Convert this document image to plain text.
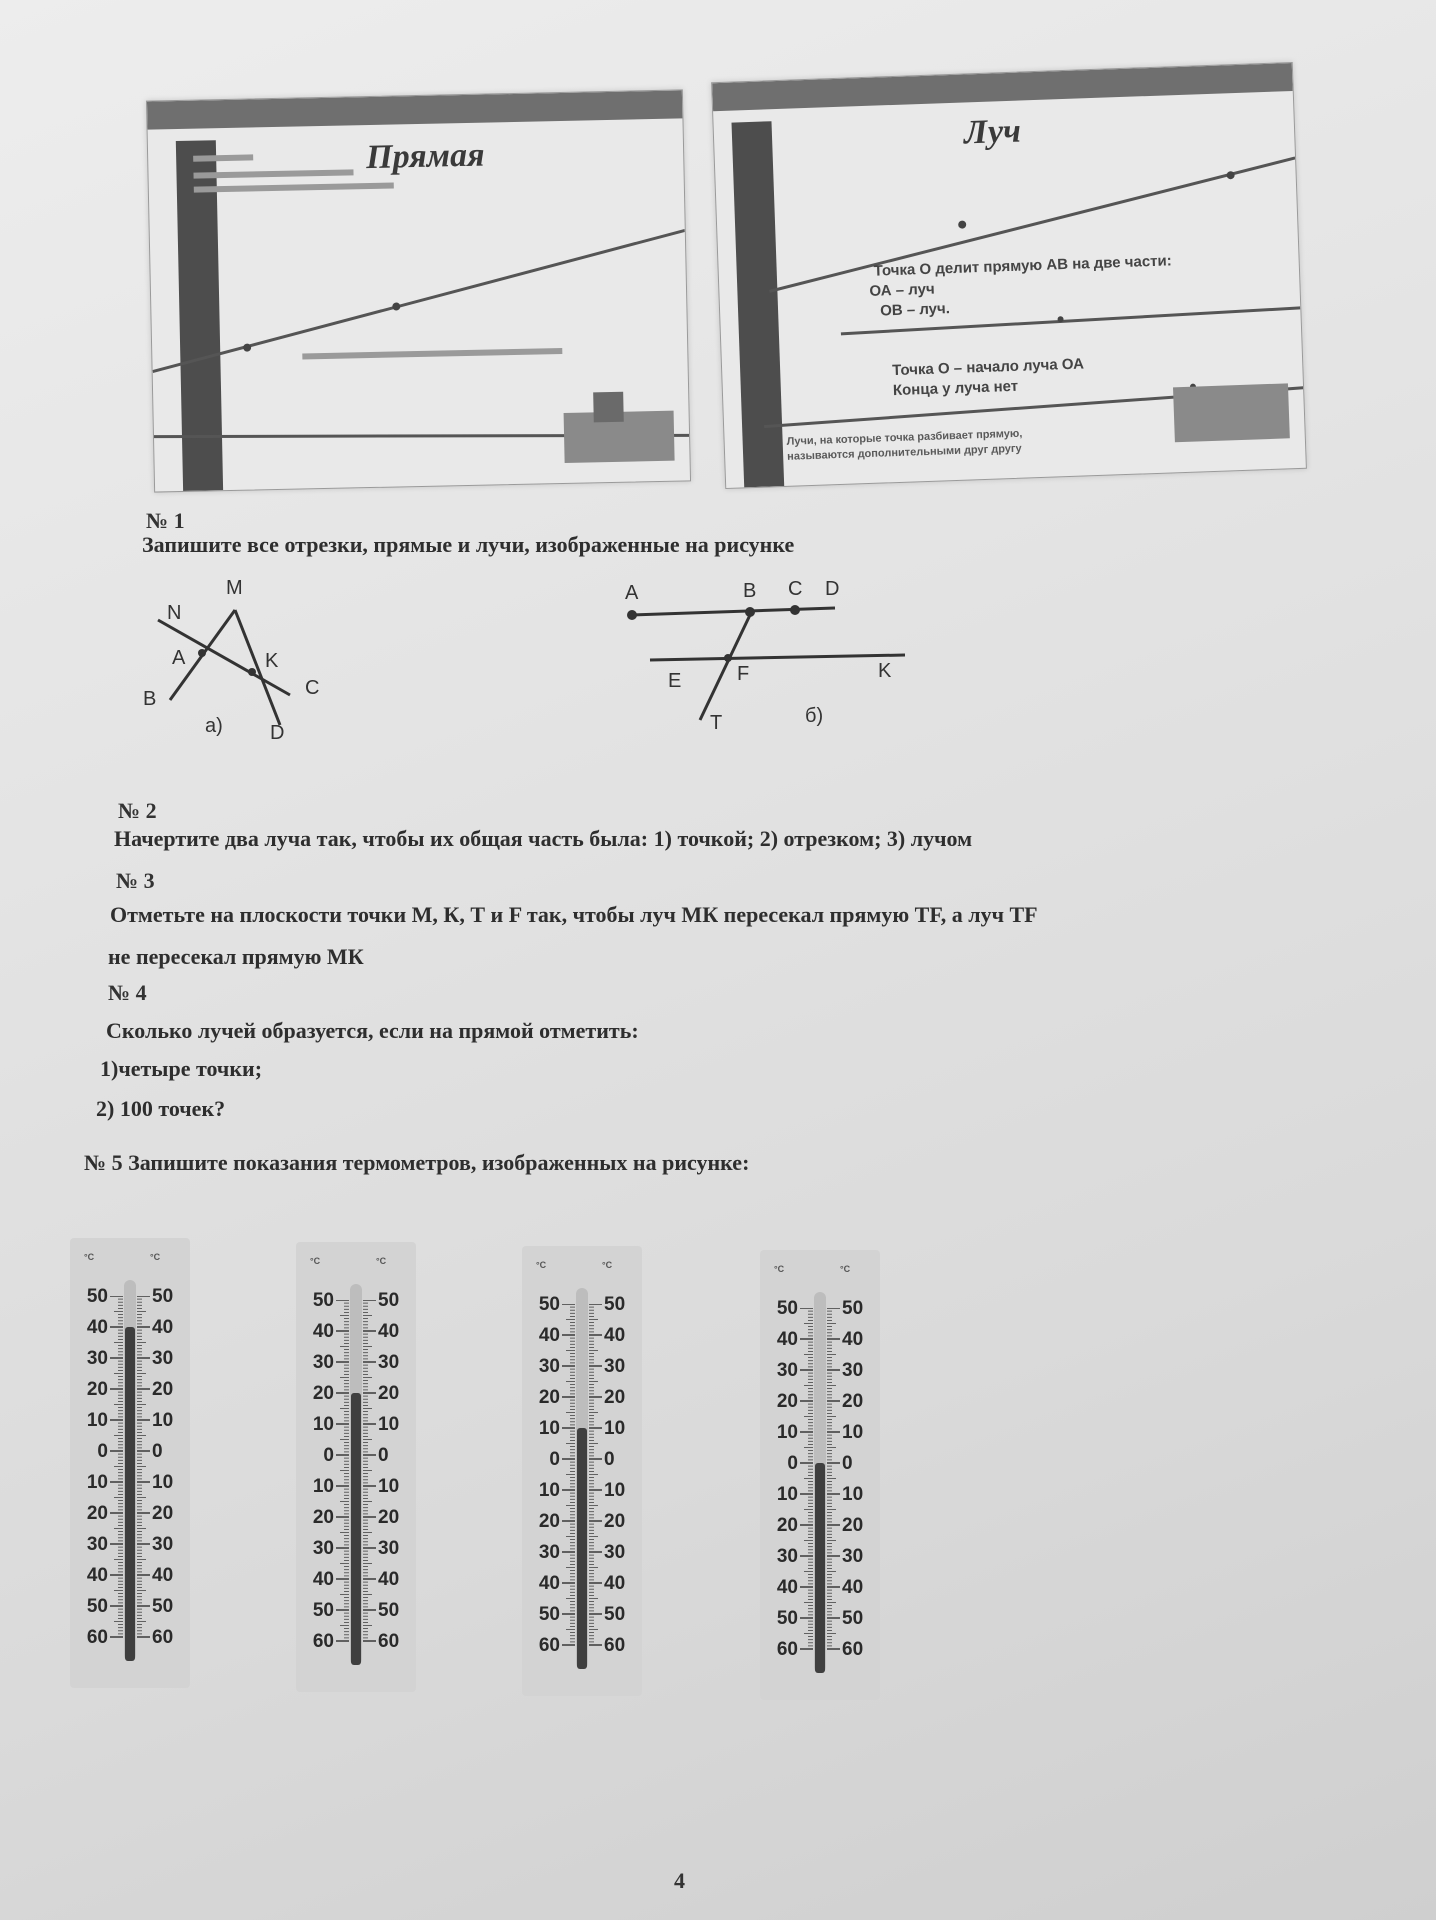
Прямая
Луч
Точка О делит прямую АВ на две части:
ОА – луч
ОВ – луч.
Точка О – начало луча ОА
Конца у луча нет
Лучи, на которые точка разбивает прямую,
называются дополнительными друг другу
№ 1
Запишите все отрезки, прямые и лучи, изображенные на рисунке
M
N
A	K
B	C
D
а)
A	B C D
E	F	K
T	б)
№ 2
Начертите два луча так, чтобы их общая часть была: 1) точкой; 2) отрезком; 3) лучом
№ 3
Отметьте на плоскости точки М, К, Т и F так, чтобы луч МК пересекал прямую TF, а луч TF
не пересекал прямую МК
№ 4
Сколько лучей образуется, если на прямой отметить:
1)четыре точки;
2) 100 точек?
№ 5 Запишите показания термометров, изображенных на рисунке:
°C	°C
50
40
30
20
10
0
10
20
30
40
50
60
50
40
30
20
10
0
10
20
30
40
50
60
°C	°C
50
40
30
20
10
0
10
20
30
40
50
60
50
40
30
20
10
0
10
20
30
40
50
60
°C	°C
50
40
30
20
10
0
10
20
30
40
50
60
50
40
30
20
10
0
10
20
30
40
50
60
°C	°C
50
40
30
20
10
0
10
20
30
40
50
60
50
40
30
20
10
0
10
20
30
40
50
60
4
